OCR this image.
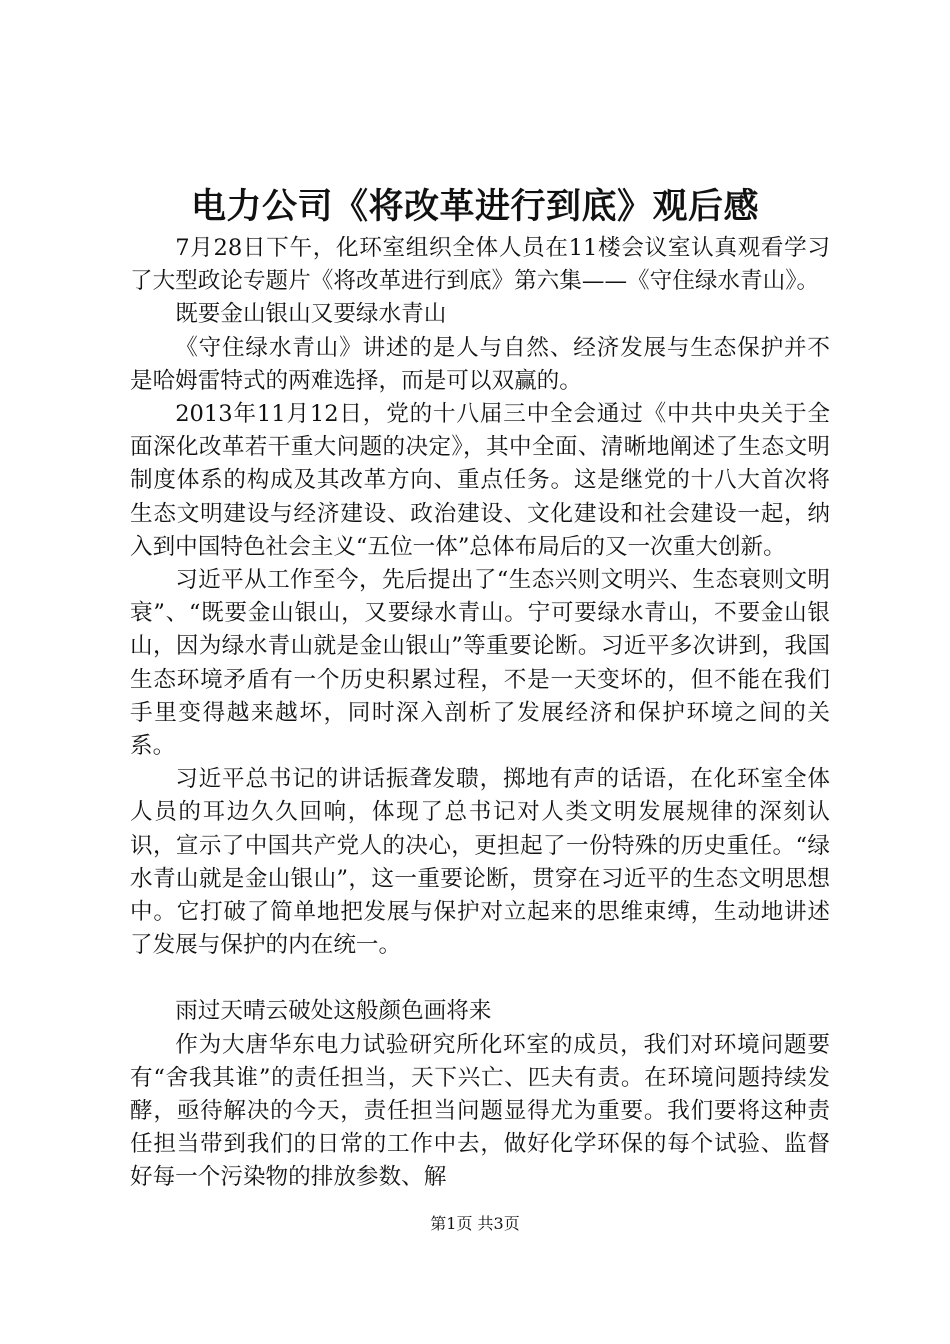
电力公司《将改革进行到底》观后感

7月28日下午，化环室组织全体人员在11楼会议室认真观看学习了大型政论专题片《将改革进行到底》第六集——《守住绿水青山》。

既要金山银山又要绿水青山

《守住绿水青山》讲述的是人与自然、经济发展与生态保护并不是哈姆雷特式的两难选择，而是可以双赢的。

2013年11月12日，党的十八届三中全会通过《中共中央关于全面深化改革若干重大问题的决定》，其中全面、清晰地阐述了生态文明制度体系的构成及其改革方向、重点任务。这是继党的十八大首次将生态文明建设与经济建设、政治建设、文化建设和社会建设一起，纳入到中国特色社会主义“五位一体”总体布局后的又一次重大创新。

习近平从工作至今，先后提出了“生态兴则文明兴、生态衰则文明衰”、“既要金山银山，又要绿水青山。宁可要绿水青山，不要金山银山，因为绿水青山就是金山银山”等重要论断。习近平多次讲到，我国生态环境矛盾有一个历史积累过程，不是一天变坏的，但不能在我们手里变得越来越坏，同时深入剖析了发展经济和保护环境之间的关系。

习近平总书记的讲话振聋发聩，掷地有声的话语，在化环室全体人员的耳边久久回响，体现了总书记对人类文明发展规律的深刻认识，宣示了中国共产党人的决心，更担起了一份特殊的历史重任。“绿水青山就是金山银山”，这一重要论断，贯穿在习近平的生态文明思想中。它打破了简单地把发展与保护对立起来的思维束缚，生动地讲述了发展与保护的内在统一。

雨过天晴云破处这般颜色画将来

作为大唐华东电力试验研究所化环室的成员，我们对环境问题要有“舍我其谁”的责任担当，天下兴亡、匹夫有责。在环境问题持续发酵，亟待解决的今天，责任担当问题显得尤为重要。我们要将这种责任担当带到我们的日常的工作中去，做好化学环保的每个试验、监督好每一个污染物的排放参数、解

第1页 共3页
